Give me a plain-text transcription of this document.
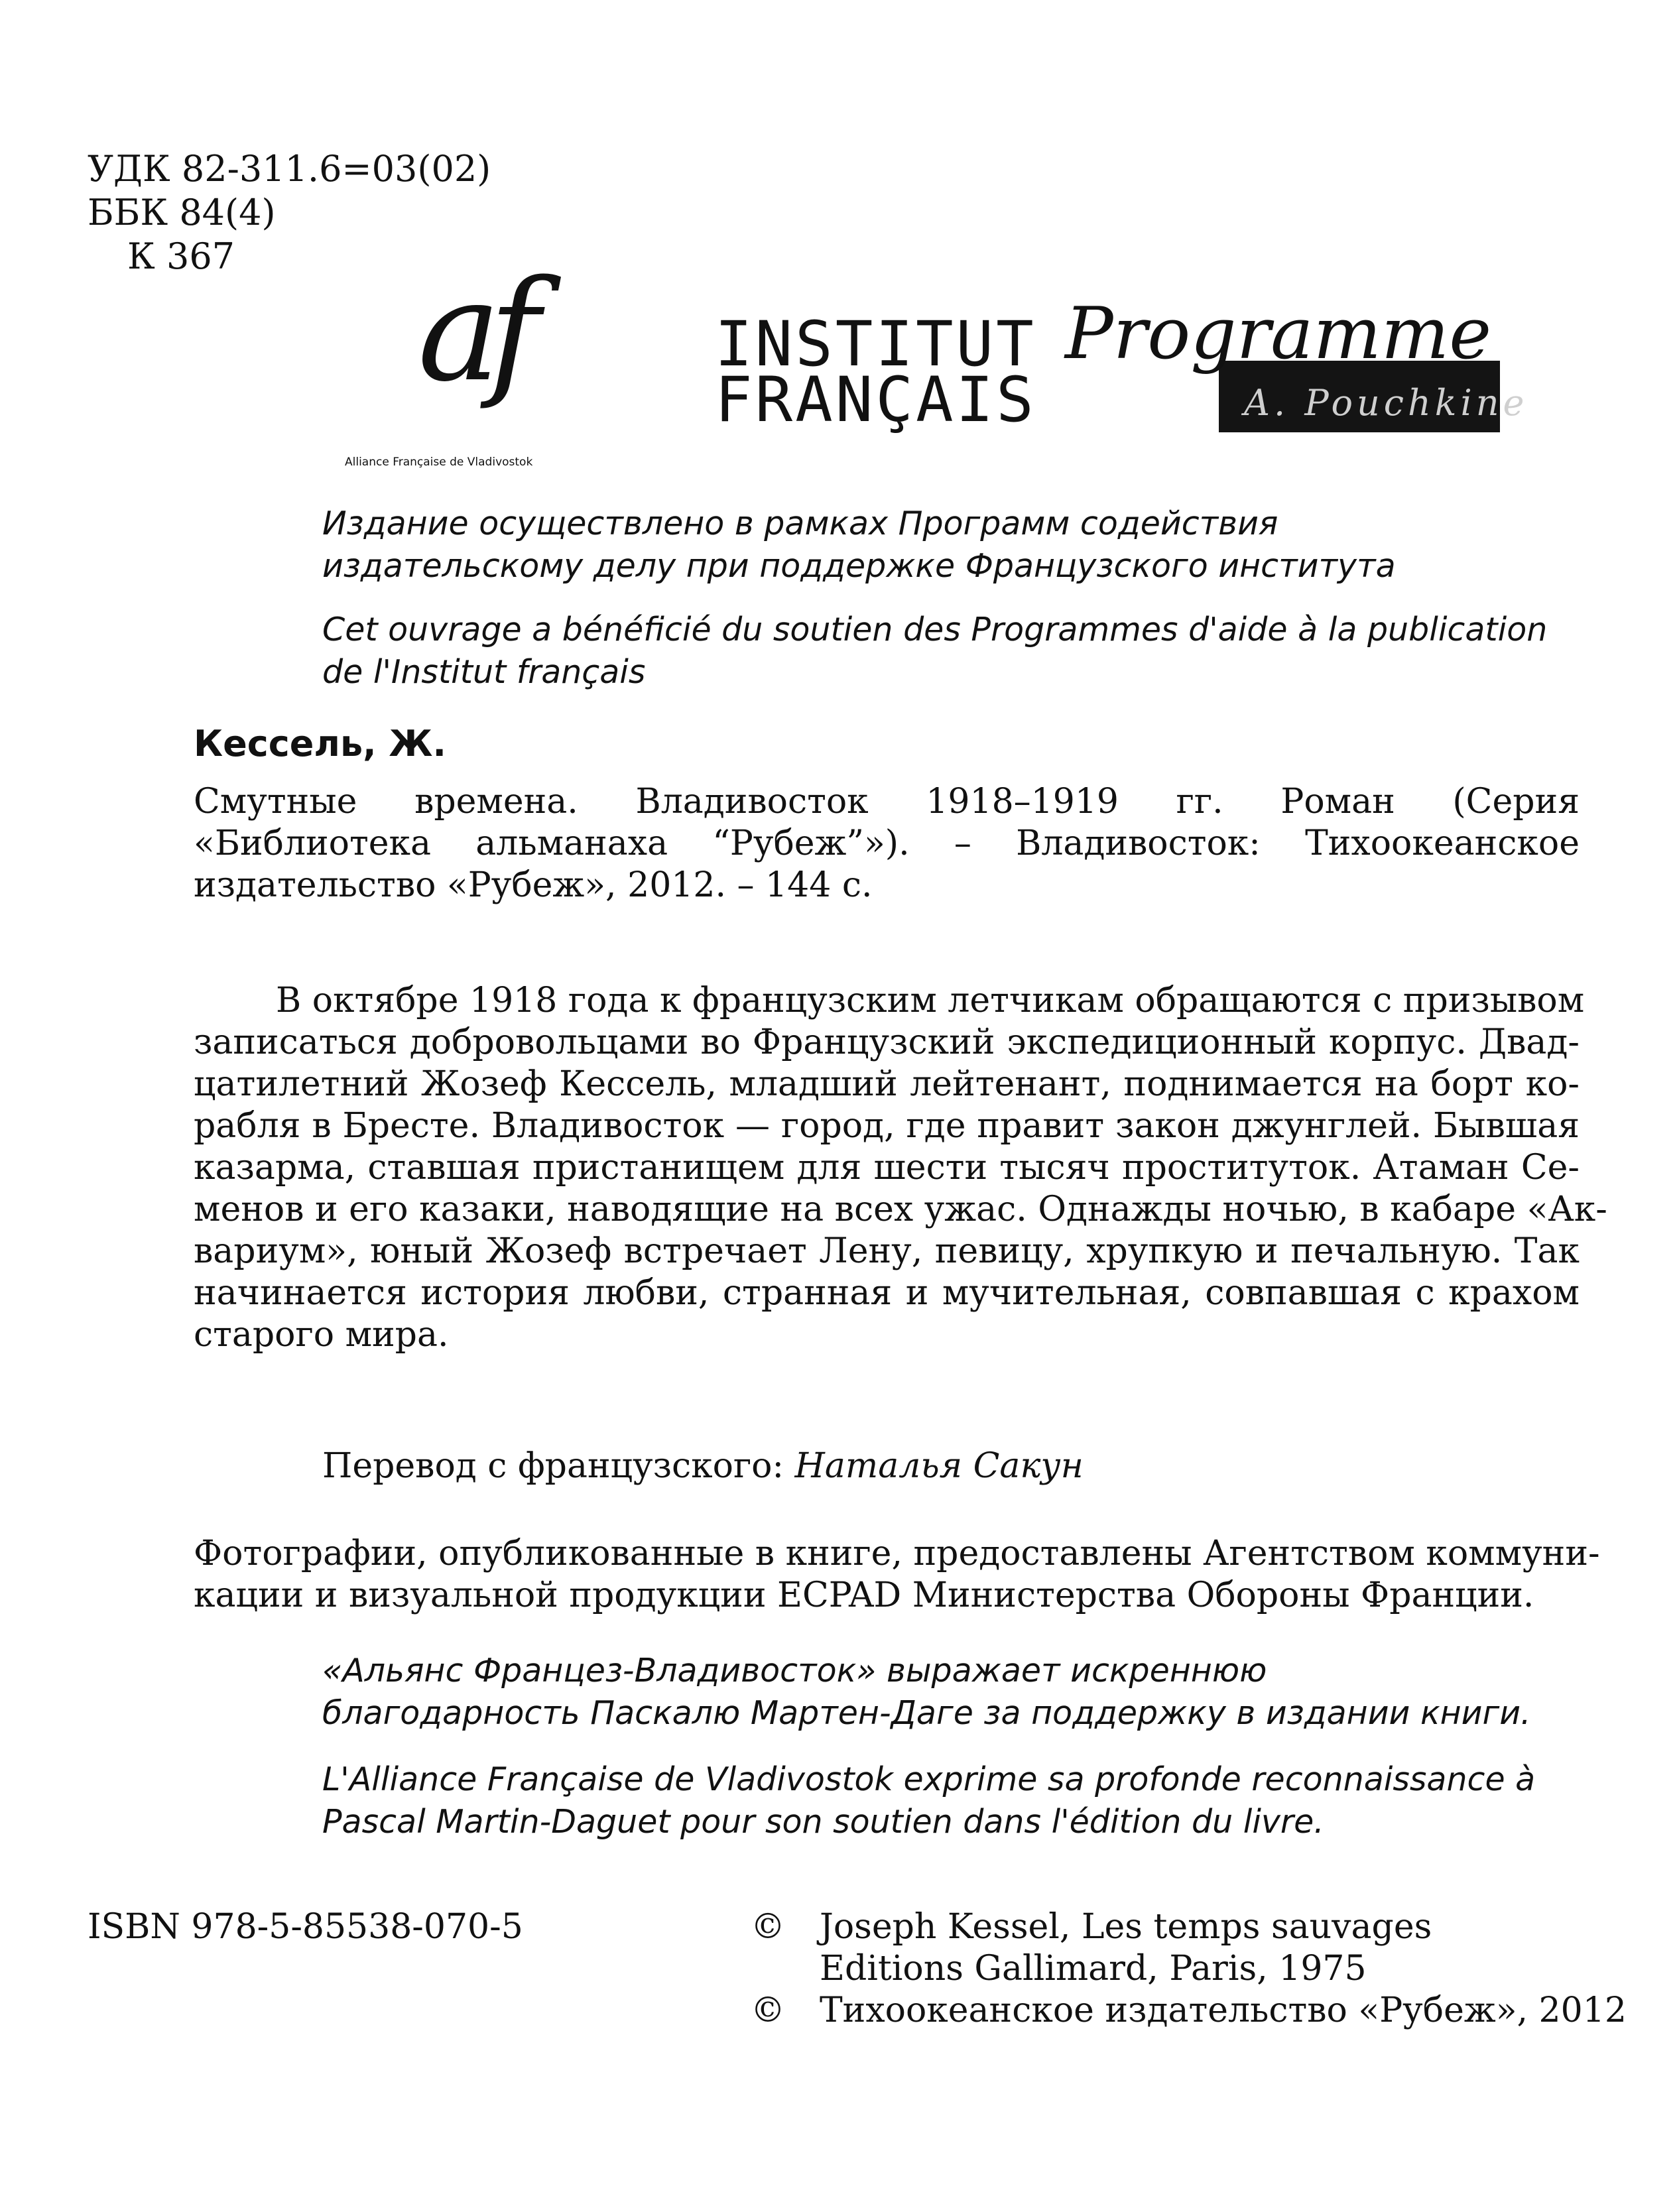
УДК 82-311.6=03(02)
ББК 84(4)
К 367	af
Alliance Française de Vladivostok
INSTITUT
FRANÇAIS
Programme
A. Pouchkine
Издание осуществлено в рамках Программ содействия
издательскому делу при поддержке Французского института
Cet ouvrage a bénéficié du soutien des Programmes d'aide à la publication
de l'Institut français
Кессель, Ж.
Смутные времена. Владивосток 1918–1919 гг. Роман (Серия
«Библиотека альманаха “Рубеж”»). – Владивосток: Тихоокеанское
издательство «Рубеж», 2012. – 144 с.
В октябре 1918 года к французским летчикам обращаются с призывом
записаться добровольцами во Французский экспедиционный корпус. Двад-
цатилетний Жозеф Кессель, младший лейтенант, поднимается на борт ко-
рабля в Бресте. Владивосток — город, где правит закон джунглей. Бывшая
казарма, ставшая пристанищем для шести тысяч проституток. Атаман Се-
менов и его казаки, наводящие на всех ужас. Однажды ночью, в кабаре «Ак-
вариум», юный Жозеф встречает Лену, певицу, хрупкую и печальную. Так
начинается история любви, странная и мучительная, совпавшая с крахом
старого мира.
Перевод с французского: Наталья Сакун
Фотографии, опубликованные в книге, предоставлены Агентством коммуни-
кации и визуальной продукции ECPAD Министерства Обороны Франции.
«Альянс Францез-Владивосток» выражает искреннюю
благодарность Паскалю Мартен-Даге за поддержку в издании книги.
L'Alliance Française de Vladivostok exprime sa profonde reconnaissance à
Pascal Martin-Daguet pour son soutien dans l'édition du livre.
ISBN 978-5-85538-070-5	© Joseph Kessel, Les temps sauvages
Editions Gallimard, Paris, 1975
© Тихоокеанское издательство «Рубеж», 2012
